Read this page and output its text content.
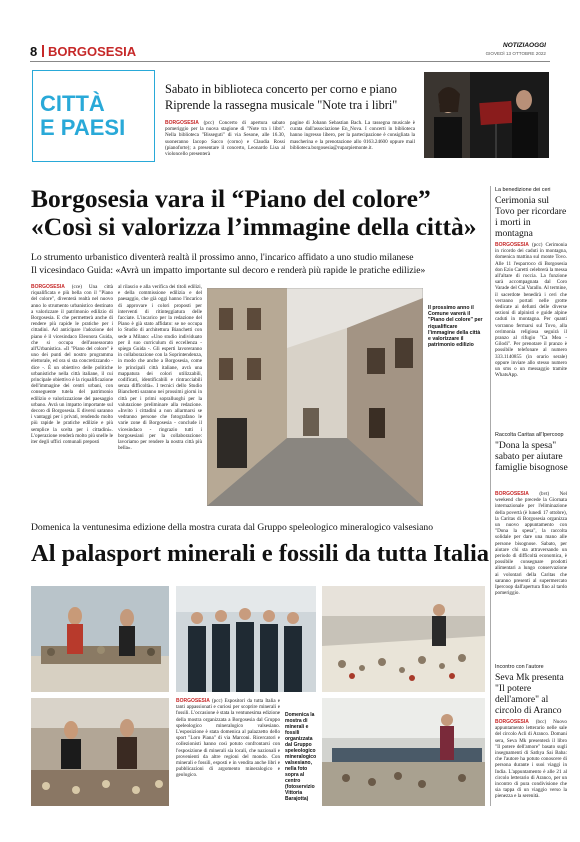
8 BORGOSESIA	NOTIZIAOGGI
GIOVEDÌ 13 OTTOBRE 2022
CITTÀ
E PAESI
Sabato in biblioteca concerto per corno e piano
Riprende la rassegna musicale "Note tra i libri"
BORGOSESIA (pcc) Concerto di apertura sabato pomeriggio per la nuova stagione di "Note tra i libri". Nella biblioteca "Bisseguti" di via Sesone, alle 16.30, suoneranno Iacopo Sacco (corno) e Claudia Rossi (pianoforte); a presentare il concerto, Leonardo Lisa al violoncello presenterà
pagine di Johann Sebastian Bach. La rassegna musicale è curata dall'associazione En_Nova. I concerti in biblioteca hanno ingresso libero, per la partecipazione è consigliata la mascherina e la prenotazione allo 0163.24600 oppure mail biblioteca.borgosesia@ruparpiemonte.it.
Borgosesia vara il “Piano del colore”
«Così si valorizza l’immagine della città»
Lo strumento urbanistico diventerà realtà il prossimo anno, l'incarico affidato a uno studio milanese
Il vicesindaco Guida: «Avrà un impatto importante sul decoro e renderà più rapide le pratiche edilizie»
BORGOSESIA (cce) Una città riqualificata e più bella con il "Piano del colore", diventerà realtà nel nuovo anno lo strumento urbanistico destinato a valorizzare il patrimonio edilizio di Borgosesia. E che permetterà anche di rendere più rapide le pratiche per i cittadini. Ad anticipare l'adozione del piano è il vicesindaco Eleonora Guida, che si occupa dell'assessorato all'Urbanistica. «Il "Piano del colore" è uno dei punti del nostro programma elettorale, ed ora si sta concretizzando - dice -. È un obiettivo delle politiche urbanistiche nella città italiane, il cui principale obiettivo è la riqualificazione dell'immagine dei centri urbani, con conseguente tutela del patrimonio edilizio e valorizzazione del paesaggio urbano. Avrà un impatto importante sul decoro di Borgosesia. E diversi saranno i vantaggi per i privati, rendendo molto più rapide le pratiche edilizie e più semplice la scelta per i cittadini». L'operazione renderà molto più snelle le iter degli uffici comunali preposti
al rilascio e alla verifica dei titoli edilizi, e della commissione edilizia e del paesaggio, che già oggi hanno l'incarico di approvare i colori proposti per interventi di ritinteggiatura delle facciate. L'incarico per la redazione del Piano è già stato affidato: se ne occupa lo Studio di architettura Bianchetti con sede a Milano: «Uno studio individuato per il suo curriculum di eccellenza - spiega Guida -. Gli esperti lavoreranno in collaborazione con la Soprintendenza, in modo che anche a Borgosesia, come le principali città italiane, avrà una mappatura dei colori utilizzabili, codificati, identificabili e rintracciabili senza difficoltà». I tecnici dello Studio Bianchetti saranno nei prossimi giorni in città per i primi sopralluoghi per la valutazione preliminare alla redazione. «Invito i cittadini a non allarmarsi se vedranno persone che fotografano le varie zone di Borgosesia - conclude il vicesindaco - ringrazio tutti i borgosesiani per la collaborazione: lavoriamo per rendere la nostra città più bella».
Il prossimo anno il Comune varerà il "Piano del colore" per riqualificare l'immagine della città e valorizzare il patrimonio edilizio
La benedizione dei ceri
Cerimonia sul Tovo per ricordare i morti in montagna
BORGOSESIA (pcc) Cerimonia in ricordo dei caduti in montagna, domenica mattina sul monte Tovo. Alle 11 l'esparroco di Borgosesia don Ezio Caretti celebrerà la messa all'altare di roccia. La funzione sarà accompagnata dal Coro Varade del Cai Varallo. Al termine, il sacerdote benedirà i ceri che verranno portati nelle grotte dedicate ai defunti delle diverse sezioni di alpinisti e guide alpine caduti in montagna. Per quanti vorranno fermarsi sul Tovo, alla cerimonia religiosa seguirà il pranzo al rifugio "Ca Mea - Gilodi". Per prenotare il pranzo è possibile telefonare al numero 333.1140855 (in orario serale) oppure inviare allo stesso numero un sms o un messaggio tramite WhatsApp.
Raccolta Caritas all'Ipercoop
"Dona la spesa" sabato per aiutare famiglie bisognose
BORGOSESIA (bvt) Nel weekend che precede la Giornata internazionale per l'eliminazione della povertà (è lunedì 17 ottobre), la Caritas di Borgosesia organizza un nuovo appuntamento con "Dona la spesa", la raccolta solidale per dare una mano alle persone bisognose. Sabato, per aiutare chi sta attraversando un periodo di difficoltà economica, è possibile consegnare prodotti alimentari a lungo conservazione ai volontari della Caritas che saranno presenti al supermercato Ipercoop dall'apertura fino al tardo pomeriggio.
Incontro con l'autore
Seva Mk presenta "Il potere dell'amore" al circolo di Aranco
BORGOSESIA (bcc) Nuovo appuntamento letterario nelle sale del circolo Acli di Aranco. Domani sera, Seva Mk presenterà il libro "Il potere dell'amore" basato sugli insegnamenti di Sathya Sai Baba: che l'autore ha potuto conoscere di persona durante i suoi viaggi in India. L'appuntamento è alle 21 al circolo letterario di Aranco, per un incontro di pura condivisione che sia tappa di un viaggio verso la pienezza e la serenità.
Domenica la ventunesima edizione della mostra curata dal Gruppo speleologico mineralogico valsesiano
Al palasport minerali e fossili da tutta Italia
BORGOSESIA (pcc) Espositori da tutta Italia e tanti appassionati e curiosi per scoprire minerali e fossili. L'occasione è stata la ventunesima edizione della mostra organizzata a Borgosesia dal Gruppo speleologico mineralogico valsesiano. L'esposizione è stata domenica al palazzetto dello sport "Loro Piana" di via Marconi. Ricercatori e collezionisti hanno così potuto confrontarsi con l'esposizione di minerali sia locali, che nazionali e provenienti da altre regioni del mondo. Con minerali e fossili, esposti e in vendita anche libri e pubblicazioni di argomento mineralogico e geologico.
Domenica la mostra di minerali e fossili organizzata dal Gruppo speleologico mineralogico valsesiano, nella foto sopra al centro (fotoservizio Vittoria Barajotta)
